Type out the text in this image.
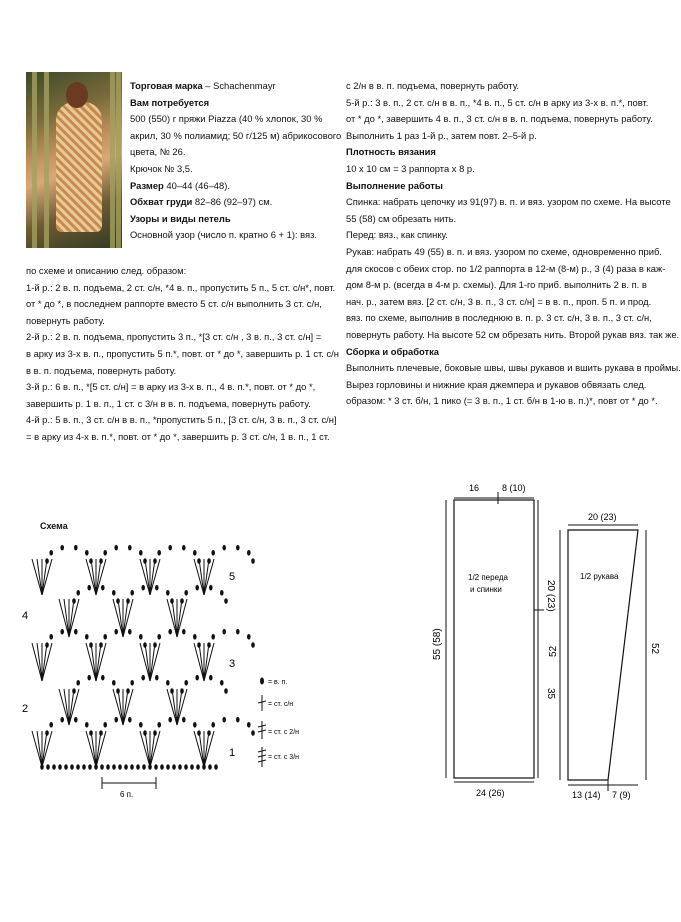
Торговая марка – Schachenmayr

Вам потребуется

500 (550) г пряжи Piazza (40 % хлопок, 30 %

акрил, 30 % полиамид; 50 г/125 м) абрикосового

цвета, № 26.

Крючок № 3,5.

Размер 40–44 (46–48).

Обхват груди 82–86 (92–97) см.

Узоры и виды петель

Основной узор (число п. кратно 6 + 1): вяз.

по схеме и описанию след. образом:

1-й р.: 2 в. п. подъема, 2 ст. с/н, *4 в. п., пропустить 5 п., 5 ст. с/н*, повт.

от * до *, в последнем раппорте вместо 5 ст. с/н выполнить 3 ст. с/н,

повернуть работу.

2-й р.: 2 в. п. подъема, пропустить 3 п., *[3 ст. с/н , 3 в. п., 3 ст. с/н] =

в арку из 3-х в. п., пропустить 5 п.*, повт. от * до *, завершить р. 1 ст. с/н

в в. п. подъема, повернуть работу.

3-й р.: 6 в. п., *[5 ст. с/н] = в арку из 3-х в. п., 4 в. п.*, повт. от * до *,

завершить р. 1 в. п., 1 ст. с 3/н в в. п. подъема, повернуть работу.

4-й р.: 5 в. п., 3 ст. с/н в в. п., *пропустить 5 п., [3 ст. с/н, 3 в. п., 3 ст. с/н]

= в арку из 4-х в. п.*, повт. от * до *, завершить р. 3 ст. с/н, 1 в. п., 1 ст.

с 2/н в в. п. подъема, повернуть работу.

5-й р.: 3 в. п., 2 ст. с/н в в. п., *4 в. п., 5 ст. с/н в арку из 3-х в. п.*, повт.

от * до *, завершить 4 в. п., 3 ст. с/н в в. п. подъема, повернуть работу.

Выполнить 1 раз 1-й р., затем повт. 2–5-й р.

Плотность вязания

10 х 10 см = 3 раппорта х 8 р.

Выполнение работы

Спинка: набрать цепочку из 91(97) в. п. и вяз. узором по схеме. На высоте

55 (58) см обрезать нить.

Перед: вяз., как спинку.

Рукав: набрать 49 (55) в. п. и вяз. узором по схеме, одновременно приб.

для скосов с обеих стор. по 1/2 раппорта в 12-м (8-м) р., 3 (4) раза в каж-

дом 8-м р. (всегда в 4-м р. схемы). Для 1-го приб. выполнить 2 в. п. в

нач. р., затем вяз. [2 ст. с/н, 3 в. п., 3 ст. с/н] = в в. п., проп. 5 п. и прод.

вяз. по схеме, выполнив в последнюю в. п. р. 3 ст. с/н, 3 в. п., 3 ст. с/н,

повернуть работу. На высоте 52 см обрезать нить. Второй рукав вяз. так же.

Сборка и обработка

Выполнить плечевые, боковые швы, швы рукавов и вшить рукава в проймы.

Вырез горловины и нижние края джемпера и рукавов обвязать след.

образом: * 3 ст. б/н, 1 пико (= 3 в. п., 1 ст. б/н в 1-ю в. п.)*, повт от * до *.

Схема
1
2
3
4
5
6 п.
= в. п.
= ст. с/н
= ст. с 2/н
= ст. с 3/н
16	8 (10)
1/2 переда
и спинки
24 (26)
55 (58)
20 (23)
35
20 (23)
1/2 рукава
52	52
13 (14) 7 (9)
